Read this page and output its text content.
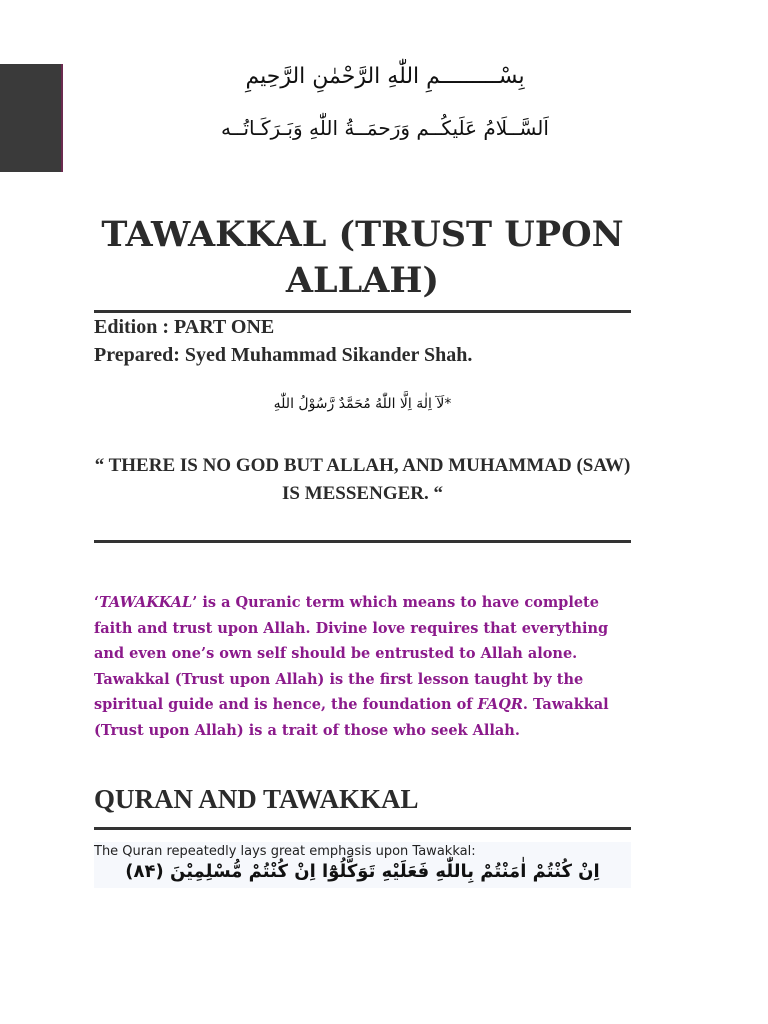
بِسْـــــــــمِ اللّٰهِ الرَّحْمٰنِ الرَّحِيمِ
اَلسَّــلَامُ عَلَيكُــم وَرَحمَــةُ اللّٰهِ وَبَـرَكَـاتُــه
TAWAKKAL (TRUST UPON ALLAH)
Edition : PART ONE
Prepared: Syed Muhammad Sikander Shah.
*لَآ اِلٰهَ اِلَّا اللّٰهُ مُحَمَّدٌ رَّسُوْلُ اللّٰهِ
“ THERE IS NO GOD BUT ALLAH, AND MUHAMMAD (SAW) IS MESSENGER. “

‘TAWAKKAL’ is a Quranic term which means to have complete faith and trust upon Allah. Divine love requires that everything and even one’s own self should be entrusted to Allah alone. Tawakkal (Trust upon Allah) is the first lesson taught by the spiritual guide and is hence, the foundation of FAQR. Tawakkal (Trust upon Allah) is a trait of those who seek Allah.

QURAN AND TAWAKKAL
The Quran repeatedly lays great emphasis upon Tawakkal:
اِنْ كُنْتُمْ اٰمَنْتُمْ بِاللّٰهِ فَعَلَيْهِ تَوَكَّلُوْٓا اِنْ كُنْتُمْ مُّسْلِمِيْنَ (٨۴)
